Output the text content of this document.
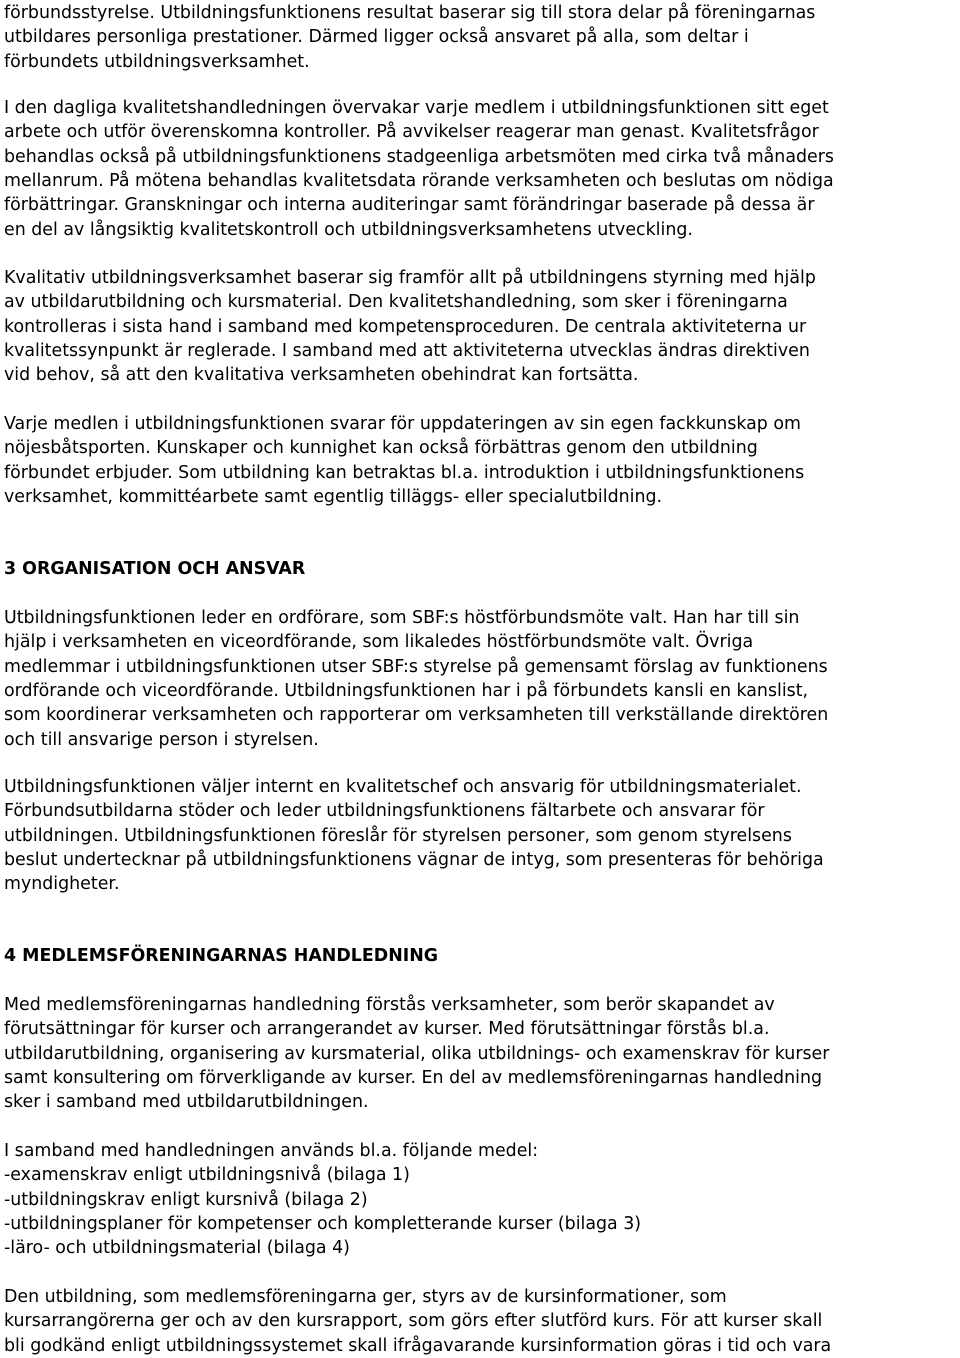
förbundsstyrelse. Utbildningsfunktionens resultat baserar sig till stora delar på föreningarnas
utbildares personliga prestationer. Därmed ligger också ansvaret på alla, som deltar i
förbundets utbildningsverksamhet.
I den dagliga kvalitetshandledningen övervakar varje medlem i utbildningsfunktionen sitt eget
arbete och utför överenskomna kontroller. På avvikelser reagerar man genast. Kvalitetsfrågor
behandlas också på utbildningsfunktionens stadgeenliga arbetsmöten med cirka två månaders
mellanrum. På mötena behandlas kvalitetsdata rörande verksamheten och beslutas om nödiga
förbättringar. Granskningar och interna auditeringar samt förändringar baserade på dessa är
en del av långsiktig kvalitetskontroll och utbildningsverksamhetens utveckling.
Kvalitativ utbildningsverksamhet baserar sig framför allt på utbildningens styrning med hjälp
av utbildarutbildning och kursmaterial. Den kvalitetshandledning, som sker i föreningarna
kontrolleras i sista hand i samband med kompetensproceduren. De centrala aktiviteterna ur
kvalitetssynpunkt är reglerade. I samband med att aktiviteterna utvecklas ändras direktiven
vid behov, så att den kvalitativa verksamheten obehindrat kan fortsätta.
Varje medlen i utbildningsfunktionen svarar för uppdateringen av sin egen fackkunskap om
nöjesbåtsporten. Kunskaper och kunnighet kan också förbättras genom den utbildning
förbundet erbjuder. Som utbildning kan betraktas bl.a. introduktion i utbildningsfunktionens
verksamhet, kommittéarbete samt egentlig tilläggs- eller specialutbildning.
3 ORGANISATION OCH ANSVAR
Utbildningsfunktionen leder en ordförare, som SBF:s höstförbundsmöte valt. Han har till sin
hjälp i verksamheten en viceordförande, som likaledes höstförbundsmöte valt. Övriga
medlemmar i utbildningsfunktionen utser SBF:s styrelse på gemensamt förslag av funktionens
ordförande och viceordförande. Utbildningsfunktionen har i på förbundets kansli en kanslist,
som koordinerar verksamheten och rapporterar om verksamheten till verkställande direktören
och till ansvarige person i styrelsen.
Utbildningsfunktionen väljer internt en kvalitetschef och ansvarig för utbildningsmaterialet.
Förbundsutbildarna stöder och leder utbildningsfunktionens fältarbete och ansvarar för
utbildningen. Utbildningsfunktionen föreslår för styrelsen personer, som genom styrelsens
beslut undertecknar på utbildningsfunktionens vägnar de intyg, som presenteras för behöriga
myndigheter.
4 MEDLEMSFÖRENINGARNAS HANDLEDNING
Med medlemsföreningarnas handledning förstås verksamheter, som berör skapandet av
förutsättningar för kurser och arrangerandet av kurser. Med förutsättningar förstås bl.a.
utbildarutbildning, organisering av kursmaterial, olika utbildnings- och examenskrav för kurser
samt konsultering om förverkligande av kurser. En del av medlemsföreningarnas handledning
sker i samband med utbildarutbildningen.
I samband med handledningen används bl.a. följande medel:
-examenskrav enligt utbildningsnivå (bilaga 1)
-utbildningskrav enligt kursnivå (bilaga 2)
-utbildningsplaner för kompetenser och kompletterande kurser (bilaga 3)
-läro- och utbildningsmaterial (bilaga 4)
Den utbildning, som medlemsföreningarna ger, styrs av de kursinformationer, som
kursarrangörerna ger och av den kursrapport, som görs efter slutförd kurs. För att kurser skall
bli godkänd enligt utbildningssystemet skall ifrågavarande kursinformation göras i tid och vara
